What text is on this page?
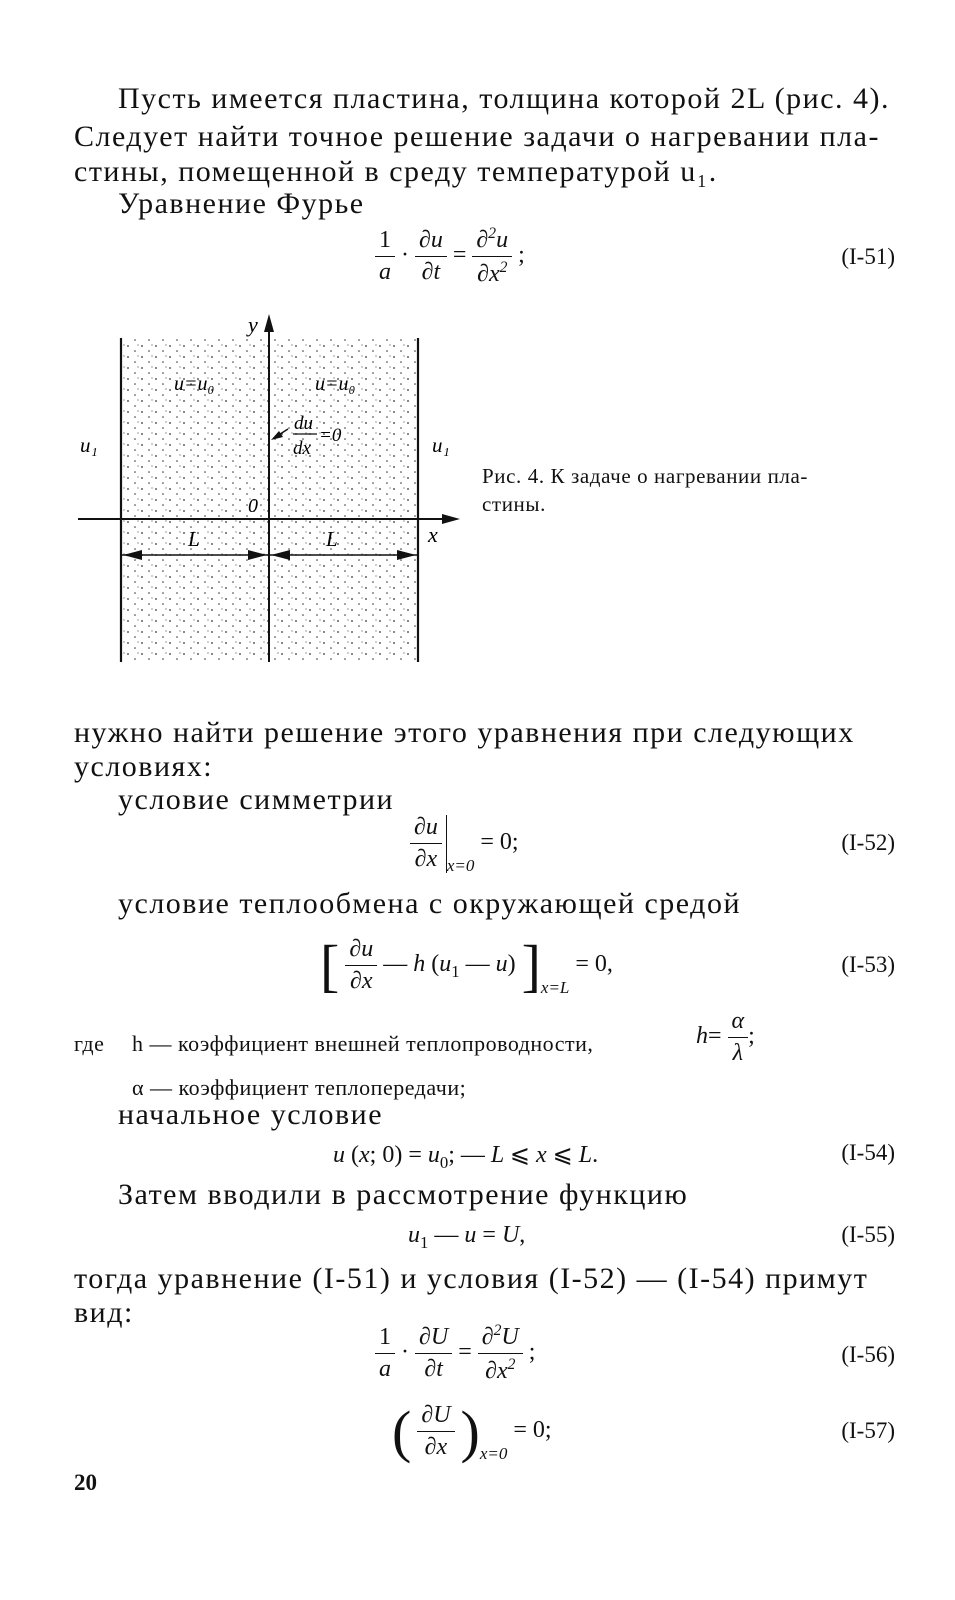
Пусть имеется пластина, толщина которой 2L (рис. 4).
Следует найти точное решение задачи о нагревании пла-
стины, помещенной в среду температурой u₁.
Уравнение Фурье
$\frac{1}{a} \cdot \frac{\partial u}{\partial t} = \frac{\partial^2u}{\partial x^2}$ ;	(I-51)
y
x
0
u=u₀	u=u₀
u₁	u₁
L	L
du
dx
=0
Рис. 4. К задаче о нагревании пла-
стины.
нужно найти решение этого уравнения при следующих
условиях:
условие симметрии
$\frac{\partial u}{\partial x} _{x=0} = 0$;	(I-52)
условие теплообмена с окружающей средой
[ $\frac{\partial u}{\partial x}$ — h ($u_1$ — u) ]$_{x=L} = 0$,	(I-53)
где h — коэффициент внешней теплопроводности,	$h= \frac{\alpha}{\lambda}$ ;
α — коэффициент теплопередачи;
начальное условие
u (x; $0) = u_0$; — L ⩽ x ⩽ L.	(I-54)
Затем вводили в рассмотрение функцию
$u_1$ — u = U,	(I-55)
тогда уравнение (I-51) и условия (I-52) — (I-54) примут
вид:
$\frac{1}{a} \cdot \frac{\partial U}{\partial t} = \frac{\partial^2U}{\partial x^2}$ ;	(I-56)
( $\frac{\partial U}{\partial x} )_{x=0} = 0$;	(I-57)
20
